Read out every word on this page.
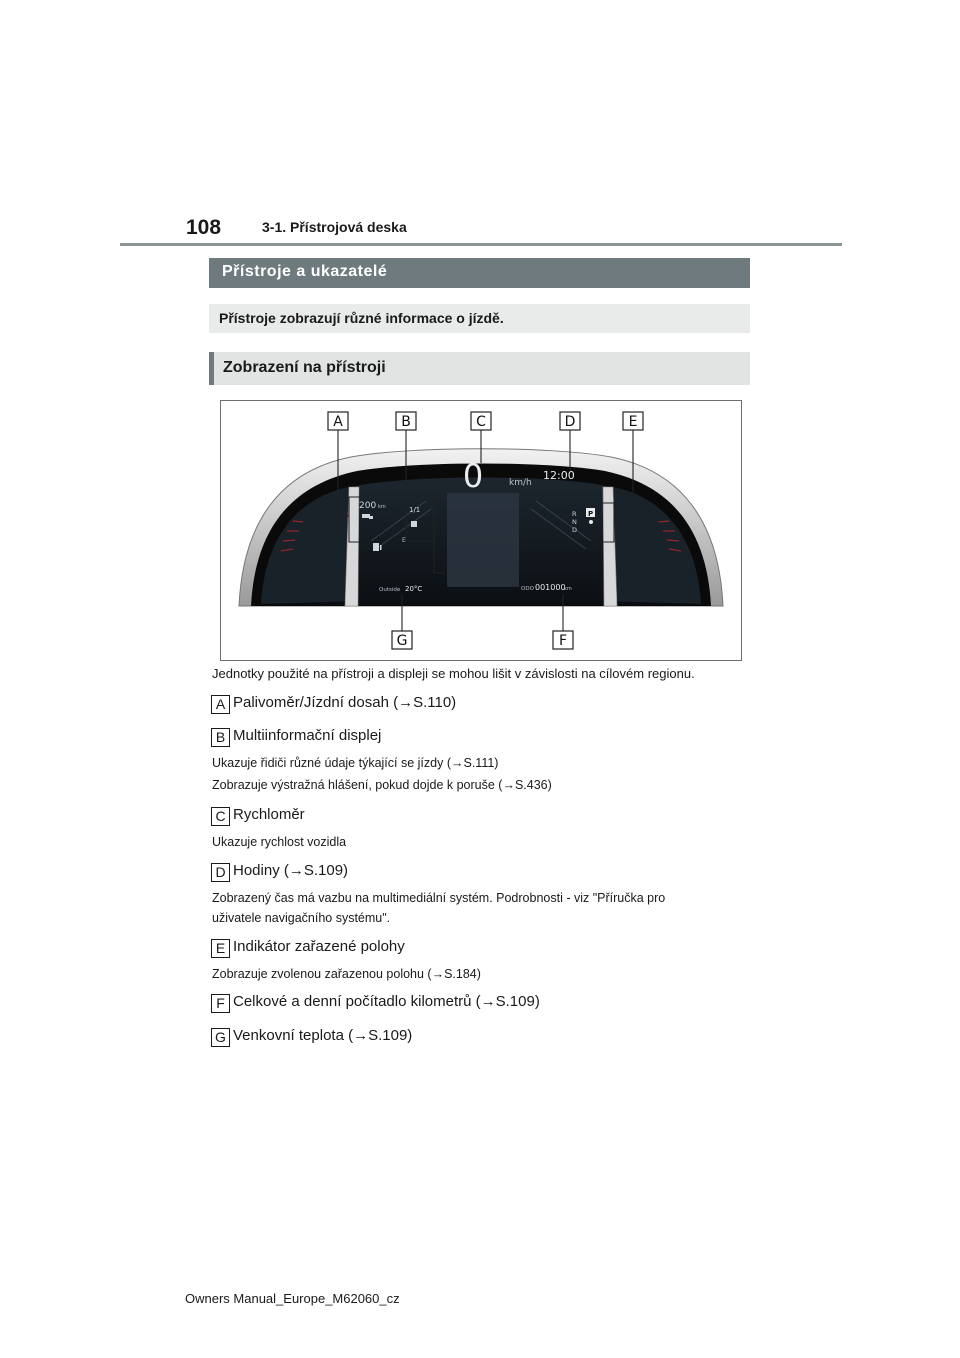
108	3-1. Přístrojová deska
Přístroje a ukazatelé
Přístroje zobrazují různé informace o jízdě.
Zobrazení na přístroji
0	km/h
12:00
200 km	1/1
E
Outside 20°C	ODO 001000
km
R
N
D
P
A	B	C	D	E
F
G
Jednotky použité na přístroji a displeji se mohou lišit v závislosti na cílovém regionu.
A Palivoměr/Jízdní dosah (→S.110)
B Multiinformační displej
Ukazuje řidiči různé údaje týkající se jízdy (→S.111)
Zobrazuje výstražná hlášení, pokud dojde k poruše (→S.436)
C Rychloměr
Ukazuje rychlost vozidla
D Hodiny (→S.109)
Zobrazený čas má vazbu na multimediální systém. Podrobnosti - viz "Příručka pro
uživatele navigačního systému".
E Indikátor zařazené polohy
Zobrazuje zvolenou zařazenou polohu (→S.184)
F Celkové a denní počítadlo kilometrů (→S.109)
G Venkovní teplota (→S.109)
Owners Manual_Europe_M62060_cz
